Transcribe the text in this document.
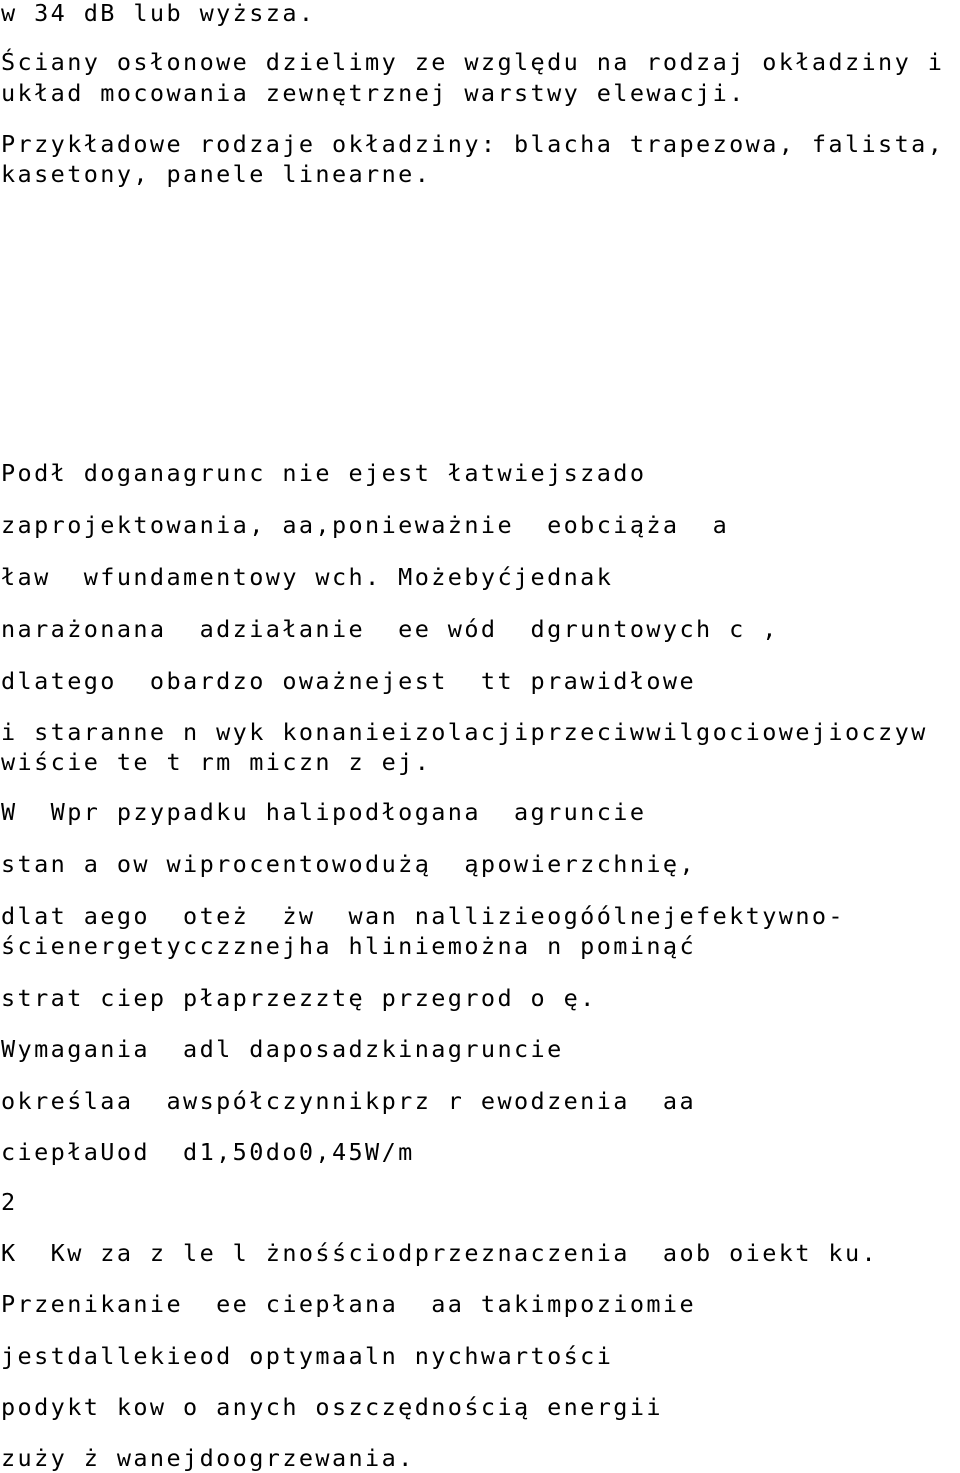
w 34 dB lub wyższa.
Ściany osłonowe dzielimy ze względu na rodzaj okładziny i
układ mocowania zewnętrznej warstwy elewacji.
Przykładowe rodzaje okładziny: blacha trapezowa, falista,
kasetony, panele linearne.
Podł doganagrunc nie ejest łatwiejszado
zaprojektowania, aa,ponieważnie  eobciąża  a
ław  wfundamentowy wch. Możebyćjednak
narażonana  adziałanie  ee wód  dgruntowych c ,
dlatego  obardzo oważnejest  tt prawidłowe
i staranne n wyk konanieizolacjiprzeciwwilgociowejioczyw
wiście te t rm miczn z ej.
W  Wpr pzypadku halipodłogana  agruncie
stan a ow wiprocentowodużą  ąpowierzchnię,
dlat aego  oteż  żw  wan nallizieogóólnejefektywno-
ścienergetycczznejha hliniemożna n pominąć
strat ciep płaprzezztę przegrod o ę.
Wymagania  adl daposadzkinagruncie
określaa  awspółczynnikprz r ewodzenia  aa
ciepłaUod  d1,50do0,45W/m
2
K  Kw za z le l żnośściodprzeznaczenia  aob oiekt ku.
Przenikanie  ee ciepłana  aa takimpoziomie
jestdallekieod optymaaln nychwartości
podykt kow o anych oszczędnością energii
zuży ż wanejdoogrzewania.
